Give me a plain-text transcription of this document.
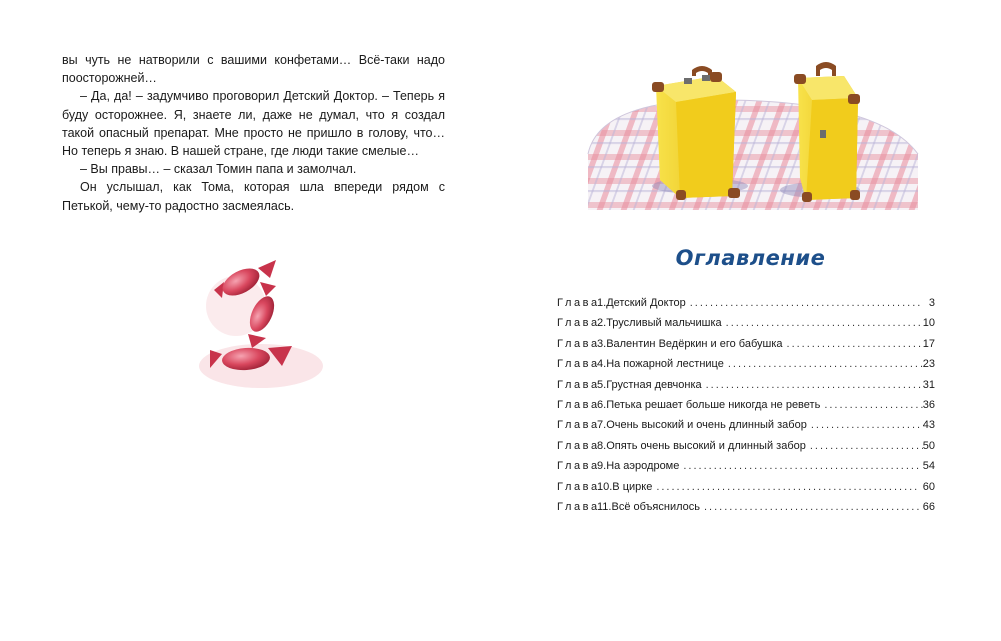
вы чуть не натворили с вашими конфетами… Всё-таки надо поосторожней…

– Да, да! – задумчиво проговорил Детский Доктор. – Теперь я буду осторожнее. Я, знаете ли, даже не думал, что я создал такой опасный препарат. Мне просто не пришло в голову, что… Но теперь я знаю. В нашей стране, где люди такие смелые…

– Вы правы… – сказал Томин папа и замолчал.

Он услышал, как Тома, которая шла впереди рядом с Петькой, чему-то радостно засмеялась.

Оглавление
Глава
1. Детский Доктор .....	3
Глава
2. Трусливый мальчишка .....	10
Глава
3. Валентин Ведёркин и его бабушка .....	17
Глава
4. На пожарной лестнице .....	23
Глава
5. Грустная девчонка .....	31
Глава
6. Петька решает больше никогда не реветь .....	36
Глава
7. Очень высокий и очень длинный забор .....	43
Глава
8. Опять очень высокий и длинный забор .....	50
Глава
9. На аэродроме .....	54
Глава
10. В цирке .....	60
Глава
11. Всё объяснилось .....	66
